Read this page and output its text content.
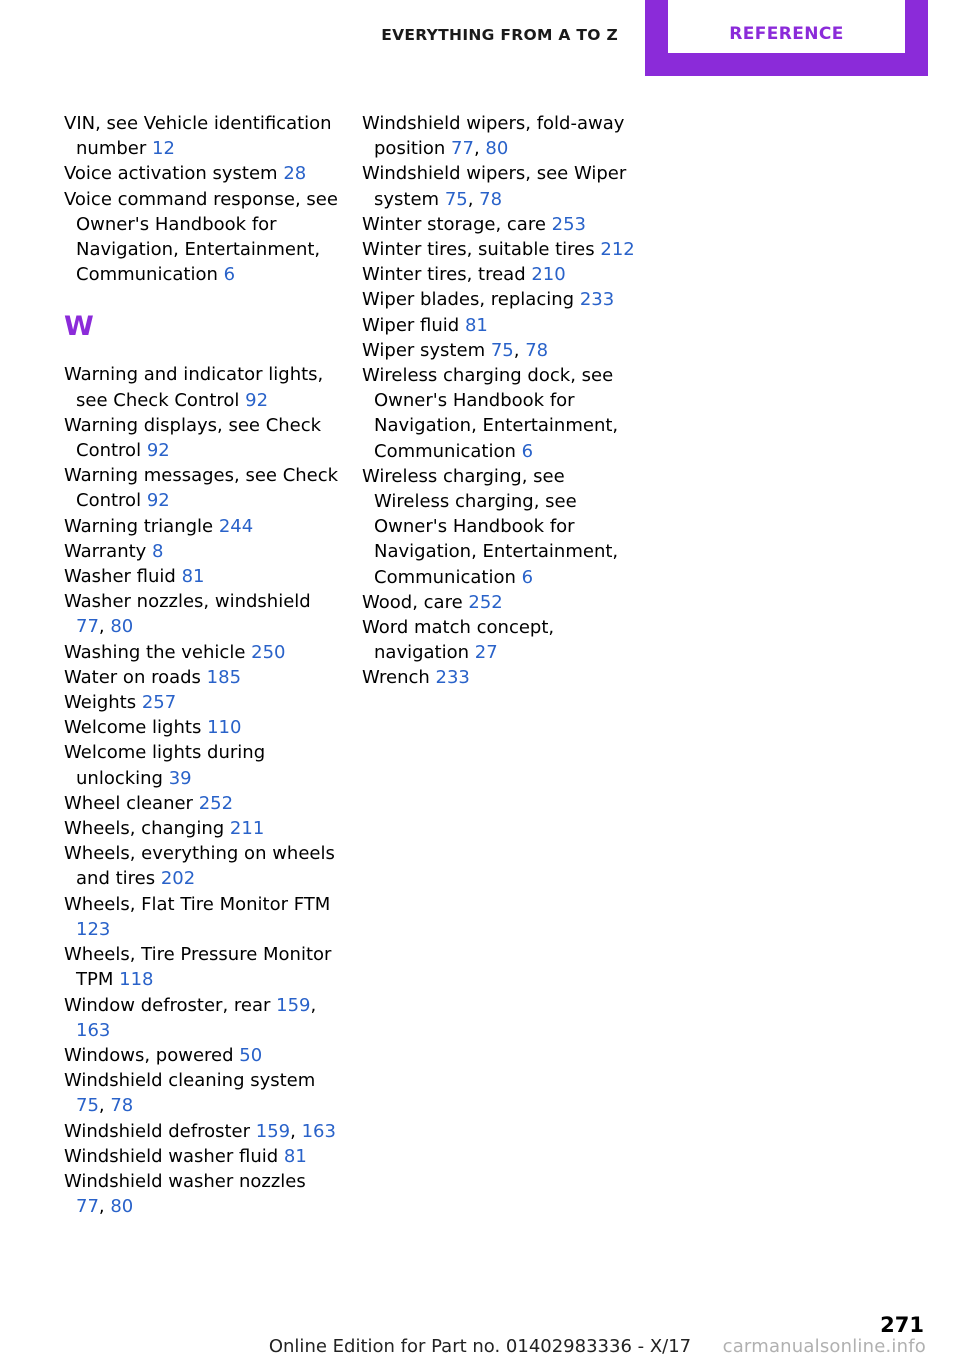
EVERYTHING FROM A TO Z	REFERENCE
VIN, see Vehicle identification number 12
Voice activation system 28
Voice command response, see Owner's Handbook for Navigation, Entertainment, Communication 6
W
Warning and indicator lights, see Check Control 92
Warning displays, see Check Control 92
Warning messages, see Check Control 92
Warning triangle 244
Warranty 8
Washer fluid 81
Washer nozzles, windshield 77, 80
Washing the vehicle 250
Water on roads 185
Weights 257
Welcome lights 110
Welcome lights during unlocking 39
Wheel cleaner 252
Wheels, changing 211
Wheels, everything on wheels and tires 202
Wheels, Flat Tire Monitor FTM 123
Wheels, Tire Pressure Monitor TPM 118
Window defroster, rear 159, 163
Windows, powered 50
Windshield cleaning system 75, 78
Windshield defroster 159, 163
Windshield washer fluid 81
Windshield washer nozzles 77, 80
Windshield wipers, fold-away position 77, 80
Windshield wipers, see Wiper system 75, 78
Winter storage, care 253
Winter tires, suitable tires 212
Winter tires, tread 210
Wiper blades, replacing 233
Wiper fluid 81
Wiper system 75, 78
Wireless charging dock, see Owner's Handbook for Navigation, Entertainment, Communication 6
Wireless charging, see Wireless charging, see Owner's Handbook for Navigation, Entertainment, Communication 6
Wood, care 252
Word match concept, navigation 27
Wrench 233
271
Online Edition for Part no. 01402983336 - X/17	carmanualsonline.info
